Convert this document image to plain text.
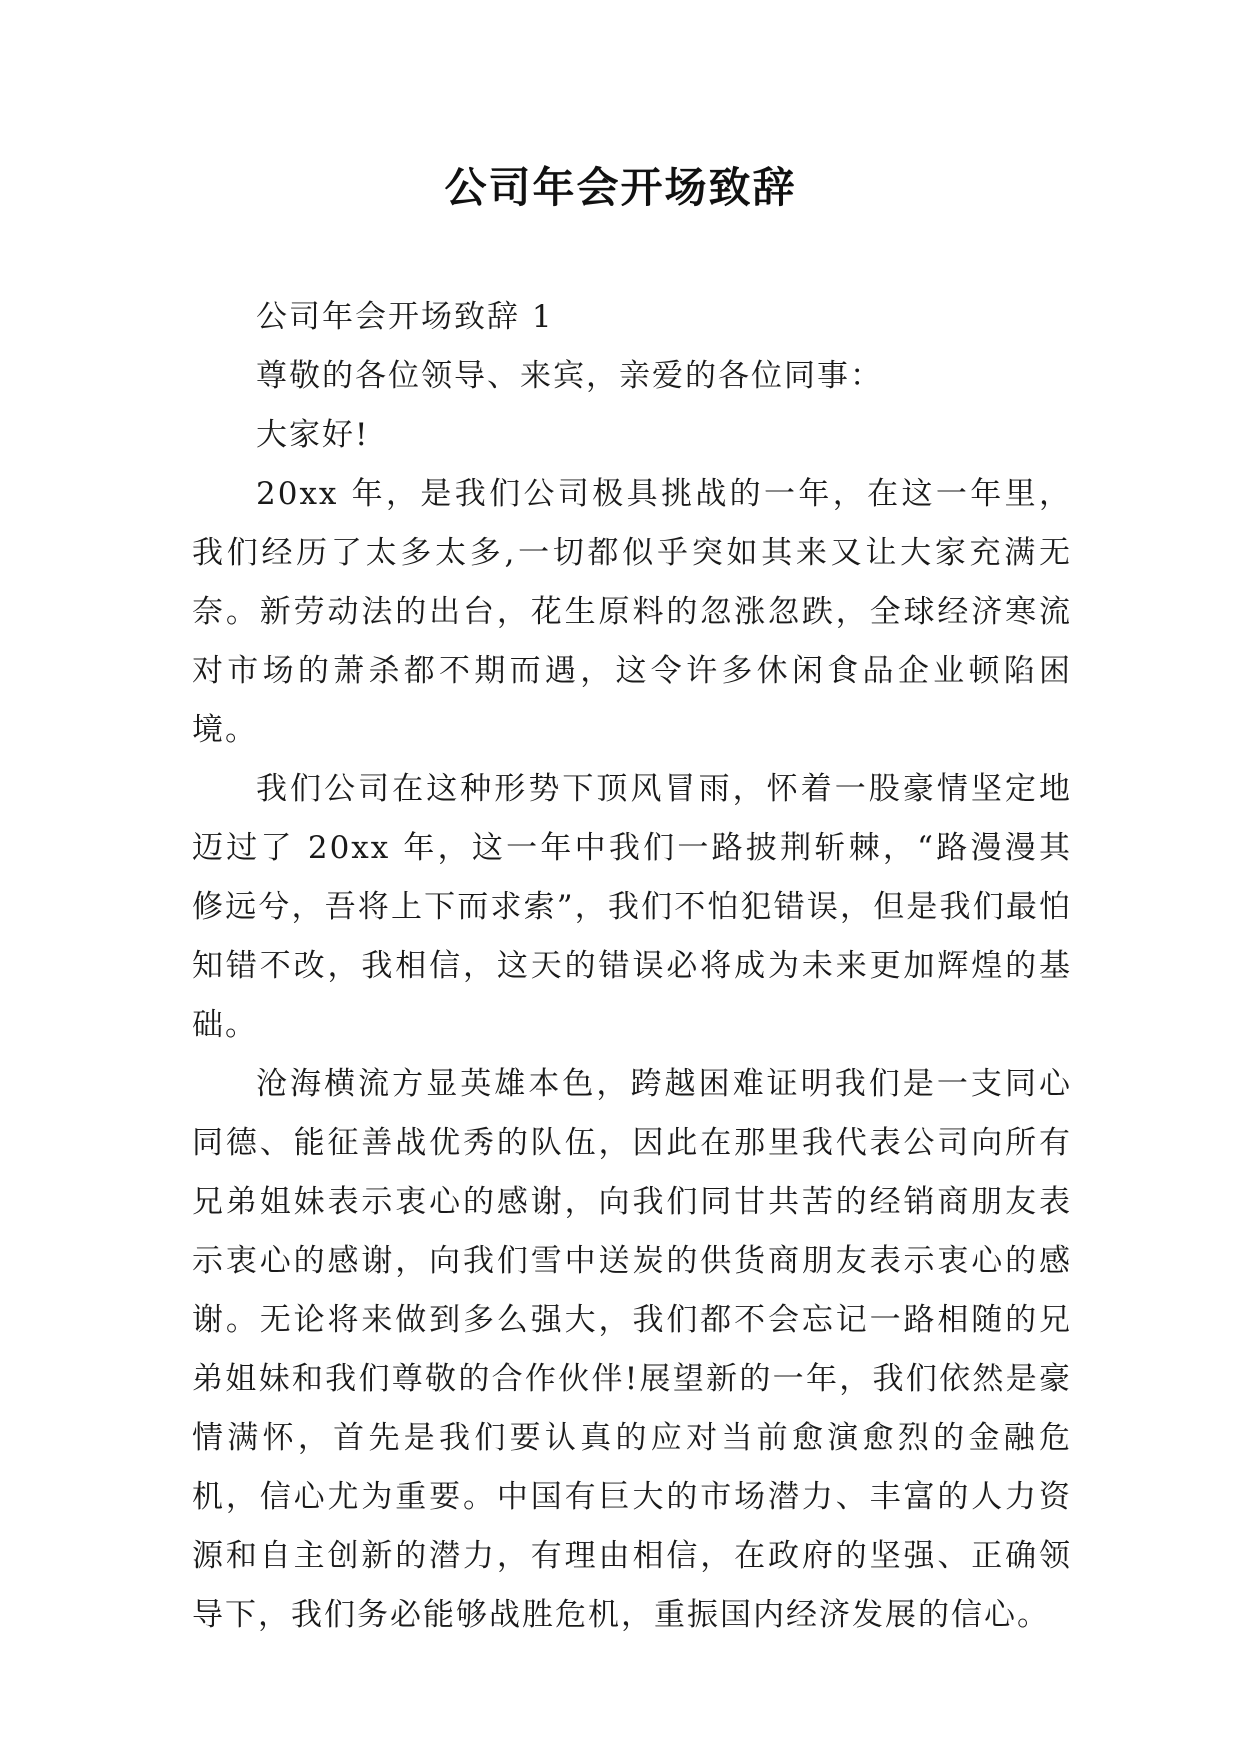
公司年会开场致辞

公司年会开场致辞 1

尊敬的各位领导、来宾，亲爱的各位同事：

大家好!

20xx 年，是我们公司极具挑战的一年，在这一年里，我们经历了太多太多,一切都似乎突如其来又让大家充满无奈。新劳动法的出台，花生原料的忽涨忽跌，全球经济寒流对市场的萧杀都不期而遇，这令许多休闲食品企业顿陷困境。

我们公司在这种形势下顶风冒雨，怀着一股豪情坚定地迈过了 20xx 年，这一年中我们一路披荆斩棘，“路漫漫其修远兮，吾将上下而求索”，我们不怕犯错误，但是我们最怕知错不改，我相信，这天的错误必将成为未来更加辉煌的基础。

沧海横流方显英雄本色，跨越困难证明我们是一支同心同德、能征善战优秀的队伍，因此在那里我代表公司向所有兄弟姐妹表示衷心的感谢，向我们同甘共苦的经销商朋友表示衷心的感谢，向我们雪中送炭的供货商朋友表示衷心的感谢。无论将来做到多么强大，我们都不会忘记一路相随的兄弟姐妹和我们尊敬的合作伙伴!展望新的一年，我们依然是豪情满怀，首先是我们要认真的应对当前愈演愈烈的金融危机，信心尤为重要。中国有巨大的市场潜力、丰富的人力资源和自主创新的潜力，有理由相信，在政府的坚强、正确领导下，我们务必能够战胜危机，重振国内经济发展的信心。
